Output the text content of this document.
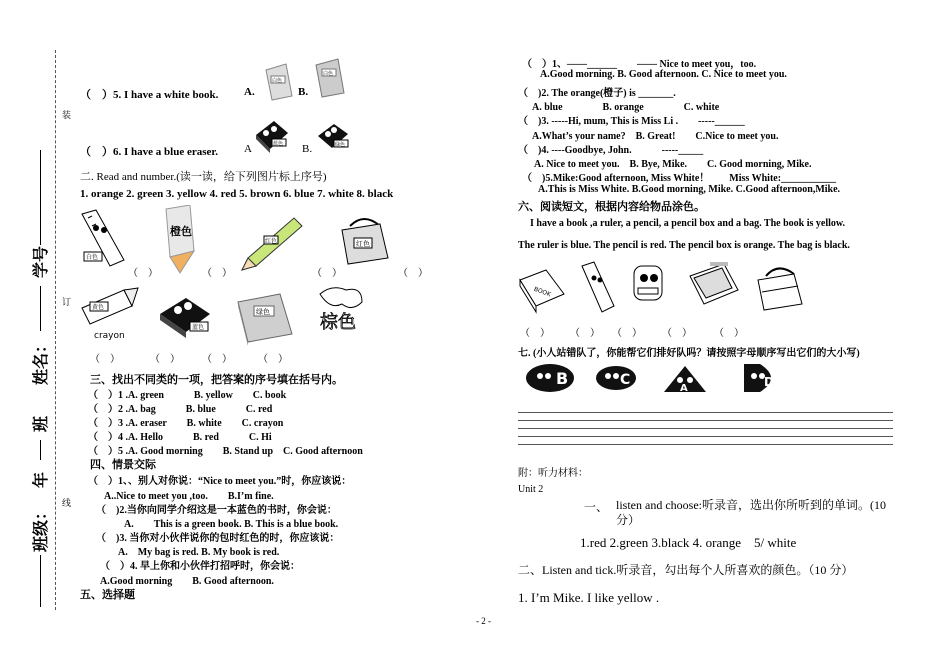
装
订
线
学号
姓名：
班
年
班级：
（　）5. I have a white book. A.
白色
B.
白色
（　）6. I have a blue eraser. A	蓝色 B.	绿色
二. Read and number.(读一读，给下列图片标上序号)
1. orange 2. green 3. yellow 4. red 5. brown 6. blue 7. white 8. black
白色
（　）
橙色
（　）
红色
（　）
红色
（　）
黄色
crayon
蓝色
绿色	棕色
（　）	（　） （　）	（　）
三、找出不同类的一项，把答案的序号填在括号内。
（　）1 .A. green　　　B. yellow　　C. book
（　）2 .A. bag　　　B. blue　　　C. red
（　）3 .A. eraser　　B. white　　C. crayon
（　）4 .A. Hello　　　B. red　　　C. Hi
（　）5 .A. Good morning　　B. Stand up　C. Good afternoon
四、情景交际
（　）1、、别人对你说：“Nice to meet you.”时，你应该说：
A..Nice to meet you ,too.　　B.I’m fine.
（　)2.当你向同学介绍这是一本蓝色的书时，你会说：
A.　　This is a green book. B. This is a blue book.
（　)3. 当你对小伙伴说你的包时红色的时，你应该说：
A.　My bag is red. B. My book is red.
（　）4. 早上你和小伙伴打招呼时，你会说：
A.Good morning　　B. Good afternoon.
五、选择题
（　）1、——______　　—— Nice to meet you，too.
A.Good morning. B. Good afternoon. C. Nice to meet you.
（　)2. The orange(橙子) is _______.
A. blue　　　　B. orange　　　　C. white
（　)3. -----Hi, mum, This is Miss Li .　　-----______
A.What’s your name?　B. Great!　　C.Nice to meet you.
（　)4. ----Goodbye, John.　　　-----_____
A. Nice to meet you.　B. Bye, Mike.　　C. Good morning, Mike.
（　)5.Mike:Good afternoon, Miss White！　　Miss White:___________
A.This is Miss White. B.Good morning, Mike. C.Good afternoon,Mike.
六、阅读短文，根据内容给物品涂色。
I have a book ,a ruler, a pencil, a pencil box and a bag. The book is yellow.
The ruler is blue. The pencil is red. The pencil box is orange. The bag is black.
BOOK
（　） （　） （　） （　） （　）
七. (小人站错队了，你能帮它们排好队吗？请按照字母顺序写出它们的大小写)
B	C
A	D
附：听力材料：
Unit 2
一、 listen and choose:听录音，选出你所听到的单词。(10
分）
1.red 2.green 3.black 4. orange　5/ white
二、Listen and tick.听录音，勾出每个人所喜欢的颜色。（10 分）
1. I’m Mike. I like yellow .
- 2 -
